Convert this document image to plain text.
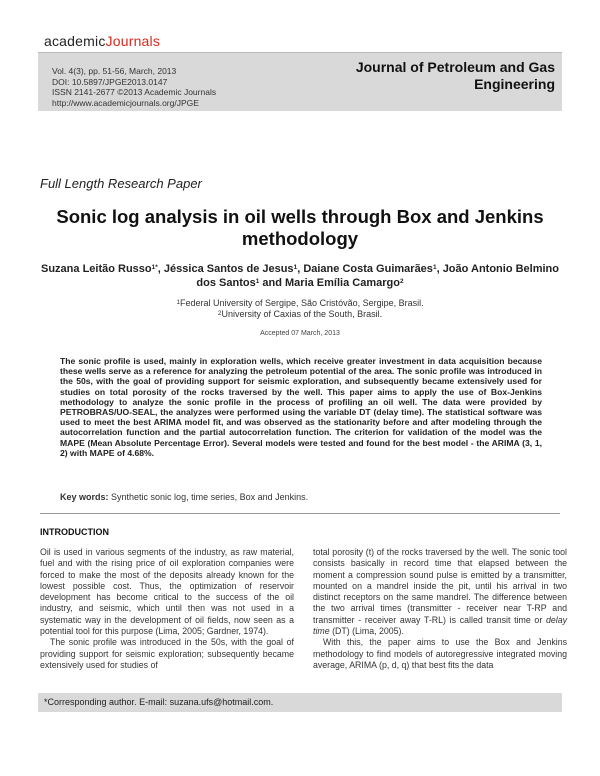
academicJournals
Vol. 4(3), pp. 51-56, March, 2013
DOI: 10.5897/JPGE2013.0147
ISSN 2141-2677 ©2013 Academic Journals
http://www.academicjournals.org/JPGE
Journal of Petroleum and Gas
Engineering
Full Length Research Paper
Sonic log analysis in oil wells through Box and Jenkins methodology
Suzana Leitão Russo$^{1*}$, Jéssica Santos de Jesus$^1$, Daiane Costa Guimarães$^1$, João Antonio Belmino dos Santos$^1$ and Maria Emília Camargo$^2$
$^1$Federal University of Sergipe, São Cristóvão, Sergipe, Brasil.
$^2$University of Caxias of the South, Brasil.
Accepted 07 March, 2013
The sonic profile is used, mainly in exploration wells, which receive greater investment in data acquisition because these wells serve as a reference for analyzing the petroleum potential of the area. The sonic profile was introduced in the 50s, with the goal of providing support for seismic exploration, and subsequently became extensively used for studies on total porosity of the rocks traversed by the well. This paper aims to apply the use of Box-Jenkins methodology to analyze the sonic profile in the process of profiling an oil well. The data were provided by PETROBRAS/UO-SEAL, the analyzes were performed using the variable DT (delay time). The statistical software was used to meet the best ARIMA model fit, and was observed as the stationarity before and after modeling through the autocorrelation function and the partial autocorrelation function. The criterion for validation of the model was the MAPE (Mean Absolute Percentage Error). Several models were tested and found for the best model - the ARIMA (3, 1, 2) with MAPE of 4.68%.
Key words: Synthetic sonic log, time series, Box and Jenkins.
INTRODUCTION

Oil is used in various segments of the industry, as raw material, fuel and with the rising price of oil exploration companies were forced to make the most of the deposits already known for the lowest possible cost. Thus, the optimization of reservoir development has become critical to the success of the oil industry, and seismic, which until then was not used in a systematic way in the development of oil fields, now seen as a potential tool for this purpose (Lima, 2005; Gardner, 1974).

The sonic profile was introduced in the 50s, with the goal of providing support for seismic exploration; subsequently became extensively used for studies of

total porosity (t) of the rocks traversed by the well. The sonic tool consists basically in record time that elapsed between the moment a compression sound pulse is emitted by a transmitter, mounted on a mandrel inside the pit, until his arrival in two distinct receptors on the same mandrel. The difference between the two arrival times (transmitter - receiver near T-RP and transmitter - receiver away T-RL) is called transit time or delay time (DT) (Lima, 2005).

With this, the paper aims to use the Box and Jenkins methodology to find models of autoregressive integrated moving average, ARIMA (p, d, q) that best fits the data

*Corresponding author. E-mail: suzana.ufs@hotmail.com.
